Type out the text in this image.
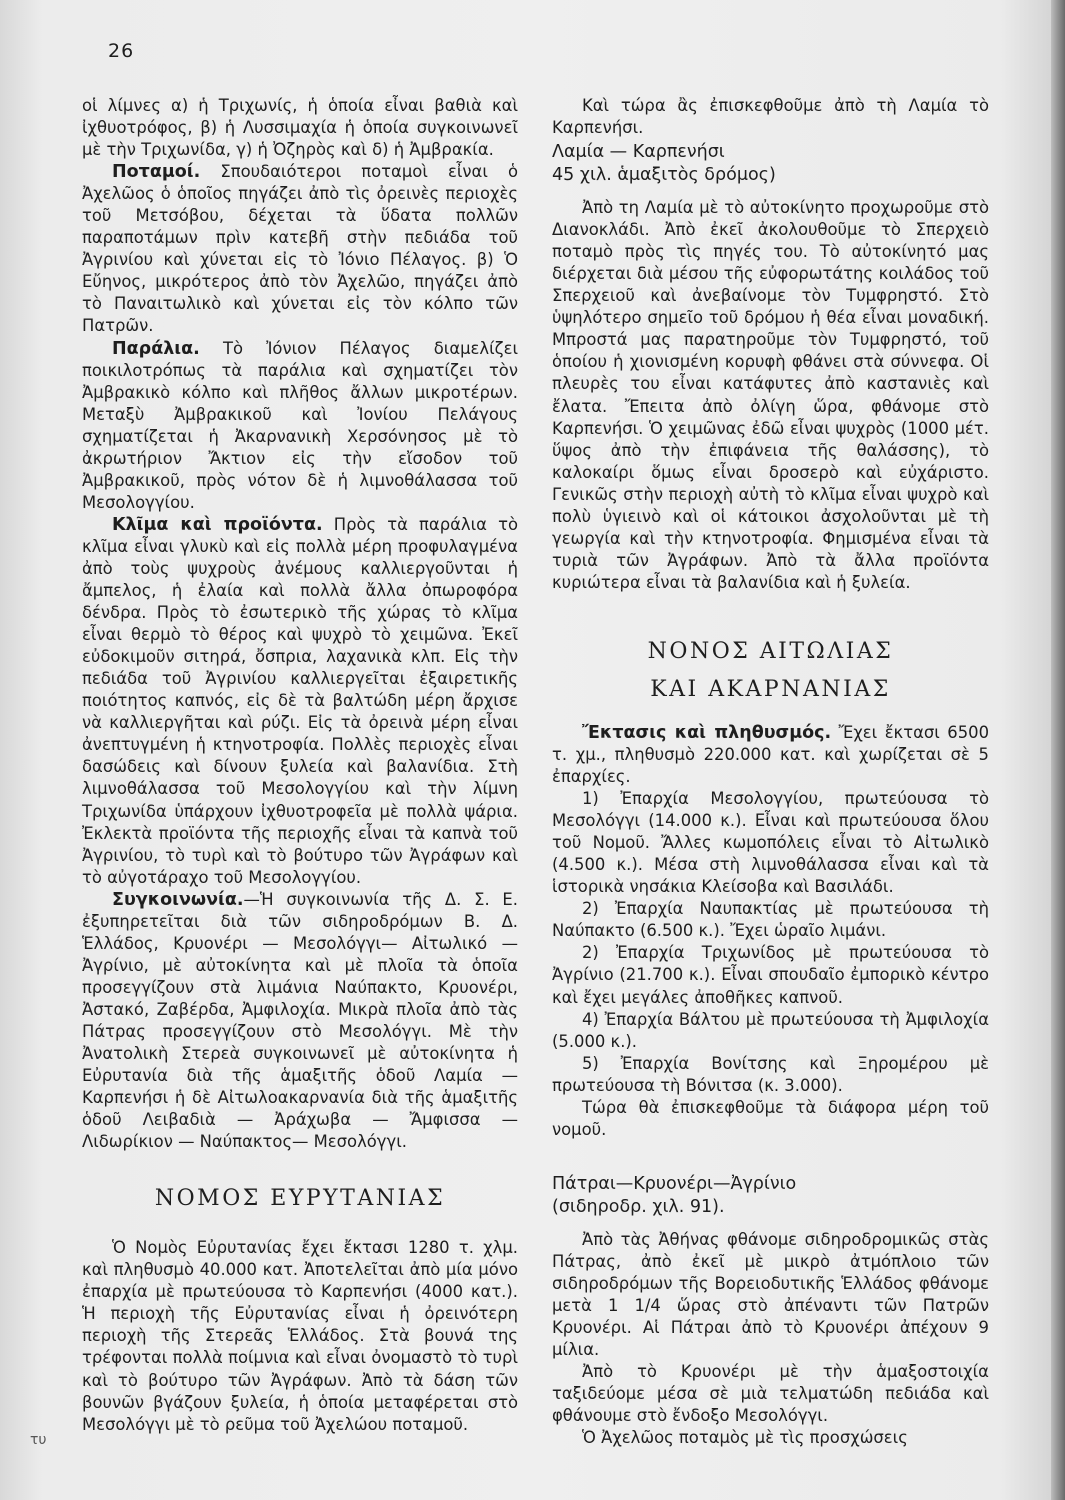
26

οἱ λίμνες α) ἡ Τριχωνίς, ἡ ὁποία εἶναι βαθιὰ καὶ ἰχθυοτρόφος, β) ἡ Λυσσιμαχία ἡ ὁποία συγκοινωνεῖ μὲ τὴν Τριχωνίδα, γ) ἡ Ὀζηρὸς καὶ δ) ἡ Ἀμβρακία.

Ποταμοί. Σπουδαιότεροι ποταμοὶ εἶναι ὁ Ἀχελῶος ὁ ὁποῖος πηγάζει ἀπὸ τὶς ὀρεινὲς περιοχὲς τοῦ Μετσόβου, δέχεται τὰ ὕδατα πολλῶν παραποτάμων πρὶν κατεβῆ στὴν πεδιάδα τοῦ Ἀγρινίου καὶ χύνεται εἰς τὸ Ἰόνιο Πέλαγος. β) Ὁ Εὔηνος, μικρότερος ἀπὸ τὸν Ἀχελῶο, πηγάζει ἀπὸ τὸ Παναιτωλικὸ καὶ χύνεται εἰς τὸν κόλπο τῶν Πατρῶν.

Παράλια. Τὸ Ἰόνιον Πέλαγος διαμελίζει ποικιλοτρόπως τὰ παράλια καὶ σχηματίζει τὸν Ἀμβρακικὸ κόλπο καὶ πλῆθος ἄλλων μικροτέρων. Μεταξὺ Ἀμβρακικοῦ καὶ Ἰονίου Πελάγους σχηματίζεται ἡ Ἀκαρνανικὴ Χερσόνησος μὲ τὸ ἀκρωτήριον Ἄκτιον εἰς τὴν εἴσοδον τοῦ Ἀμβρακικοῦ, πρὸς νότον δὲ ἡ λιμνοθάλασσα τοῦ Μεσολογγίου.

Κλῖμα καὶ προϊόντα. Πρὸς τὰ παράλια τὸ κλῖμα εἶναι γλυκὺ καὶ εἰς πολλὰ μέρη προφυλαγμένα ἀπὸ τοὺς ψυχροὺς ἀνέμους καλλιεργοῦνται ἡ ἄμπελος, ἡ ἐλαία καὶ πολλὰ ἄλλα ὀπωροφόρα δένδρα. Πρὸς τὸ ἐσωτερικὸ τῆς χώρας τὸ κλῖμα εἶναι θερμὸ τὸ θέρος καὶ ψυχρὸ τὸ χειμῶνα. Ἐκεῖ εὐδοκιμοῦν σιτηρά, ὄσπρια, λαχανικὰ κλπ. Εἰς τὴν πεδιάδα τοῦ Ἀγρινίου καλλιεργεῖται ἐξαιρετικῆς ποιότητος καπνός, εἰς δὲ τὰ βαλτώδη μέρη ἄρχισε νὰ καλλιεργῆται καὶ ρύζι. Εἰς τὰ ὀρεινὰ μέρη εἶναι ἀνεπτυγμένη ἡ κτηνοτροφία. Πολλὲς περιοχὲς εἶναι δασώδεις καὶ δίνουν ξυλεία καὶ βαλανίδια. Στὴ λιμνοθάλασσα τοῦ Μεσολογγίου καὶ τὴν λίμνη Τριχωνίδα ὑπάρχουν ἰχθυοτροφεῖα μὲ πολλὰ ψάρια. Ἐκλεκτὰ προϊόντα τῆς περιοχῆς εἶναι τὰ καπνὰ τοῦ Ἀγρινίου, τὸ τυρὶ καὶ τὸ βούτυρο τῶν Ἀγράφων καὶ τὸ αὐγοτάραχο τοῦ Μεσολογγίου.

Συγκοινωνία.—Ἡ συγκοινωνία τῆς Δ. Σ. Ε. ἐξυπηρετεῖται διὰ τῶν σιδηροδρόμων Β. Δ. Ἑλλάδος, Κρυονέρι — Μεσολόγγι— Αἰτωλικό —Ἀγρίνιο, μὲ αὐτοκίνητα καὶ μὲ πλοῖα τὰ ὁποῖα προσεγγίζουν στὰ λιμάνια Ναύπακτο, Κρυονέρι, Ἀστακό, Ζαβέρδα, Ἀμφιλοχία. Μικρὰ πλοῖα ἀπὸ τὰς Πάτρας προσεγγίζουν στὸ Μεσολόγγι. Μὲ τὴν Ἀνατολικὴ Στερεὰ συγκοινωνεῖ μὲ αὐτοκίνητα ἡ Εὐρυτανία διὰ τῆς ἁμαξιτῆς ὁδοῦ Λαμία — Καρπενήσι ἡ δὲ Αἰτωλοακαρνανία διὰ τῆς ἁμαξιτῆς ὁδοῦ Λειβαδιὰ — Ἀράχωβα — Ἄμφισσα — Λιδωρίκιον — Ναύπακτος— Μεσολόγγι.

ΝΟΜΟΣ ΕΥΡΥΤΑΝΙΑΣ

Ὁ Νομὸς Εὐρυτανίας ἔχει ἔκτασι 1280 τ. χλμ. καὶ πληθυσμὸ 40.000 κατ. Ἀποτελεῖται ἀπὸ μία μόνο ἐπαρχία μὲ πρωτεύουσα τὸ Καρπενήσι (4000 κατ.). Ἡ περιοχὴ τῆς Εὐρυτανίας εἶναι ἡ ὀρεινότερη περιοχὴ τῆς Στερεᾶς Ἑλλάδος. Στὰ βουνά της τρέφονται πολλὰ ποίμνια καὶ εἶναι ὀνομαστὸ τὸ τυρὶ καὶ τὸ βούτυρο τῶν Ἀγράφων. Ἀπὸ τὰ δάση τῶν βουνῶν βγάζουν ξυλεία, ἡ ὁποία μεταφέρεται στὸ Μεσολόγγι μὲ τὸ ρεῦμα τοῦ Ἀχελώου ποταμοῦ.

Καὶ τώρα ἂς ἐπισκεφθοῦμε ἀπὸ τὴ Λαμία τὸ Καρπενήσι.

Λαμία — Καρπενήσι

45 χιλ. ἁμαξιτὸς δρόμος)

Ἀπὸ τη Λαμία μὲ τὸ αὐτοκίνητο προχωροῦμε στὸ Διανοκλάδι. Ἀπὸ ἐκεῖ ἀκολουθοῦμε τὸ Σπερχειὸ ποταμὸ πρὸς τὶς πηγές του. Τὸ αὐτοκίνητό μας διέρχεται διὰ μέσου τῆς εὐφορωτάτης κοιλάδος τοῦ Σπερχειοῦ καὶ ἀνεβαίνομε τὸν Τυμφρηστό. Στὸ ὑψηλότερο σημεῖο τοῦ δρόμου ἡ θέα εἶναι μοναδική. Μπροστά μας παρατηροῦμε τὸν Τυμφρηστό, τοῦ ὁποίου ἡ χιονισμένη κορυφὴ φθάνει στὰ σύννεφα. Οἱ πλευρὲς του εἶναι κατάφυτες ἀπὸ καστανιὲς καὶ ἔλατα. Ἔπειτα ἀπὸ ὀλίγη ὥρα, φθάνομε στὸ Καρπενήσι. Ὁ χειμῶνας ἐδῶ εἶναι ψυχρὸς (1000 μέτ. ὕψος ἀπὸ τὴν ἐπιφάνεια τῆς θαλάσσης), τὸ καλοκαίρι ὅμως εἶναι δροσερὸ καὶ εὐχάριστο. Γενικῶς στὴν περιοχὴ αὐτὴ τὸ κλῖμα εἶναι ψυχρὸ καὶ πολὺ ὑγιεινὸ καὶ οἱ κάτοικοι ἀσχολοῦνται μὲ τὴ γεωργία καὶ τὴν κτηνοτροφία. Φημισμένα εἶναι τὰ τυριὰ τῶν Ἀγράφων. Ἀπὸ τὰ ἄλλα προϊόντα κυριώτερα εἶναι τὰ βαλανίδια καὶ ἡ ξυλεία.

ΝΟΝΟΣ ΑΙΤΩΛΙΑΣ
ΚΑΙ ΑΚΑΡΝΑΝΙΑΣ

Ἔκτασις καὶ πληθυσμός. Ἔχει ἔκτασι 6500 τ. χμ., πληθυσμὸ 220.000 κατ. καὶ χωρίζεται σὲ 5 ἐπαρχίες.

1) Ἐπαρχία Μεσολογγίου, πρωτεύουσα τὸ Μεσολόγγι (14.000 κ.). Εἶναι καὶ πρωτεύουσα ὅλου τοῦ Νομοῦ. Ἄλλες κωμοπόλεις εἶναι τὸ Αἰτωλικὸ (4.500 κ.). Μέσα στὴ λιμνοθάλασσα εἶναι καὶ τὰ ἱστορικὰ νησάκια Κλείσοβα καὶ Βασιλάδι.

2) Ἐπαρχία Ναυπακτίας μὲ πρωτεύουσα τὴ Ναύπακτο (6.500 κ.). Ἔχει ὡραῖο λιμάνι.

2) Ἐπαρχία Τριχωνίδος μὲ πρωτεύουσα τὸ Ἀγρίνιο (21.700 κ.). Εἶναι σπουδαῖο ἐμπορικὸ κέντρο καὶ ἔχει μεγάλες ἀποθῆκες καπνοῦ.

4) Ἐπαρχία Βάλτου μὲ πρωτεύουσα τὴ Ἀμφιλοχία (5.000 κ.).

5) Ἐπαρχία Βονίτσης καὶ Ξηρομέρου μὲ πρωτεύουσα τὴ Βόνιτσα (κ. 3.000).

Τώρα θὰ ἐπισκεφθοῦμε τὰ διάφορα μέρη τοῦ νομοῦ.

Πάτραι—Κρυονέρι—Ἀγρίνιο

(σιδηροδρ. χιλ. 91).

Ἀπὸ τὰς Ἀθήνας φθάνομε σιδηροδρομικῶς στὰς Πάτρας, ἀπὸ ἐκεῖ μὲ μικρὸ ἀτμόπλοιο τῶν σιδηροδρόμων τῆς Βορειοδυτικῆς Ἑλλάδος φθάνομε μετὰ 1 1/4 ὥρας στὸ ἀπέναντι τῶν Πατρῶν Κρυονέρι. Αἱ Πάτραι ἀπὸ τὸ Κρυονέρι ἀπέχουν 9 μίλια.

Ἀπὸ τὸ Κρυονέρι μὲ τὴν ἁμαξοστοιχία ταξιδεύομε μέσα σὲ μιὰ τελματώδη πεδιάδα καὶ φθάνουμε στὸ ἔνδοξο Μεσολόγγι.

Ὁ Ἀχελῶος ποταμὸς μὲ τὶς προσχώσεις

τυ
